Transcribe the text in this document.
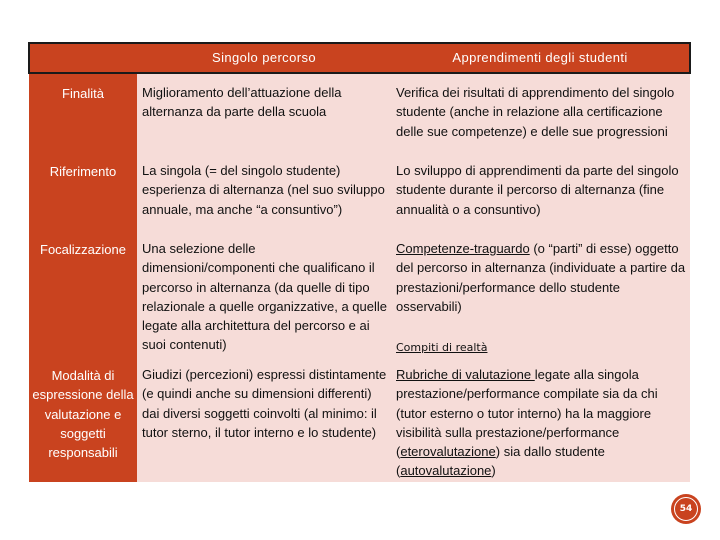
	Singolo percorso	Apprendimenti degli studenti

Finalità	Miglioramento dell’attuazione della alternanza da parte della scuola	Verifica dei risultati di apprendimento del singolo studente (anche in relazione alla certificazione delle sue competenze) e delle sue progressioni
Riferimento	La singola (= del singolo studente) esperienza di alternanza (nel suo sviluppo annuale, ma anche “a consuntivo”)	Lo sviluppo di apprendimenti da parte del singolo studente durante il percorso di alternanza (fine annualità o a consuntivo)
Focalizzazione	Una selezione delle dimensioni/componenti che qualificano il percorso in alternanza (da quelle di tipo relazionale a quelle organizzative, a quelle legate alla architettura del percorso e ai suoi contenuti)	Competenze-traguardo (o “parti” di esse) oggetto del percorso in alternanza (individuate a partire da prestazioni/performance dello studente osservabili)
Compiti di realtà

Modalità di espressione della valutazione e soggetti responsabili	Giudizi (percezioni) espressi distintamente (e quindi anche su dimensioni differenti) dai diversi soggetti coinvolti (al minimo: il tutor sterno, il tutor interno e lo studente)	Rubriche di valutazione legate alla singola prestazione/performance compilate sia da chi (tutor esterno o tutor interno) ha la maggiore visibilità sulla prestazione/performance (eterovalutazione) sia dallo studente (autovalutazione)
54
